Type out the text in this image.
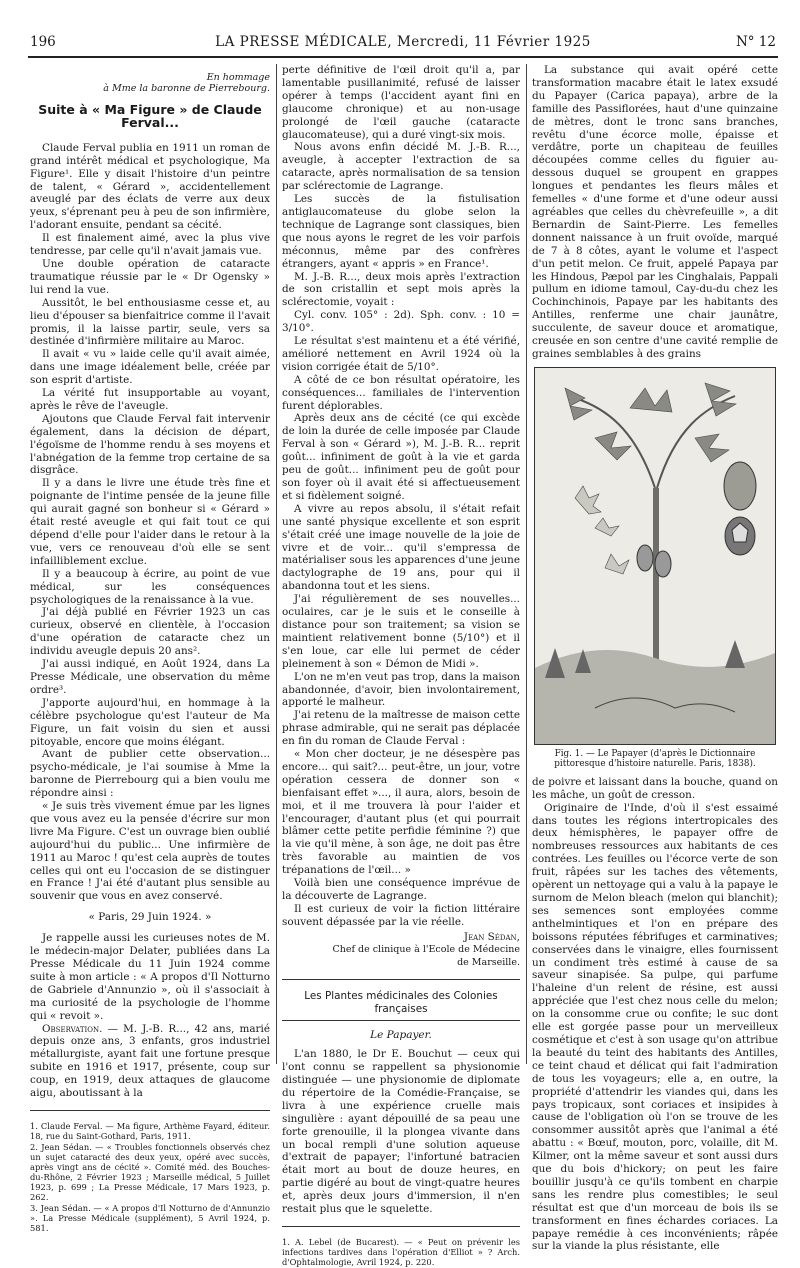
196	LA PRESSE MÉDICALE, Mercredi, 11 Février 1925	N° 12
En hommage
à Mme la baronne de Pierrebourg.
Suite à « Ma Figure » de Claude Ferval...

Claude Ferval publia en 1911 un roman de grand intérêt médical et psychologique, Ma Figure¹. Elle y disait l'histoire d'un peintre de talent, « Gérard », accidentellement aveuglé par des éclats de verre aux deux yeux, s'éprenant peu à peu de son infirmière, l'adorant ensuite, pendant sa cécité.

Il est finalement aimé, avec la plus vive tendresse, par celle qu'il n'avait jamais vue.

Une double opération de cataracte traumatique réussie par le « Dr Ogensky » lui rend la vue.

Aussitôt, le bel enthousiasme cesse et, au lieu d'épouser sa bienfaitrice comme il l'avait promis, il la laisse partir, seule, vers sa destinée d'infirmière militaire au Maroc.

Il avait « vu » laide celle qu'il avait aimée, dans une image idéalement belle, créée par son esprit d'artiste.

La vérité fut insupportable au voyant, après le rêve de l'aveugle.

Ajoutons que Claude Ferval fait intervenir également, dans la décision de départ, l'égoïsme de l'homme rendu à ses moyens et l'abnégation de la femme trop certaine de sa disgrâce.

Il y a dans le livre une étude très fine et poignante de l'intime pensée de la jeune fille qui aurait gagné son bonheur si « Gérard » était resté aveugle et qui fait tout ce qui dépend d'elle pour l'aider dans le retour à la vue, vers ce renouveau d'où elle se sent infailliblement exclue.

Il y a beaucoup à écrire, au point de vue médical, sur les conséquences psychologiques de la renaissance à la vue.

J'ai déjà publié en Février 1923 un cas curieux, observé en clientèle, à l'occasion d'une opération de cataracte chez un individu aveugle depuis 20 ans².

J'ai aussi indiqué, en Août 1924, dans La Presse Médicale, une observation du même ordre³.

J'apporte aujourd'hui, en hommage à la célèbre psychologue qu'est l'auteur de Ma Figure, un fait voisin du sien et aussi pitoyable, encore que moins élégant.

Avant de publier cette observation... psycho-médicale, je l'ai soumise à Mme la baronne de Pierrebourg qui a bien voulu me répondre ainsi :

« Je suis très vivement émue par les lignes que vous avez eu la pensée d'écrire sur mon livre Ma Figure. C'est un ouvrage bien oublié aujourd'hui du public... Une infirmière de 1911 au Maroc ! qu'est cela auprès de toutes celles qui ont eu l'occasion de se distinguer en France ! J'ai été d'autant plus sensible au souvenir que vous en avez conservé.

« Paris, 29 Juin 1924. »

Je rappelle aussi les curieuses notes de M. le médecin-major Delater, publiées dans La Presse Médicale du 11 Juin 1924 comme suite à mon article : « A propos d'Il Notturno de Gabriele d'Annunzio », où il s'associait à ma curiosité de la psychologie de l'homme qui « revoit ».

Observation. — M. J.-B. R..., 42 ans, marié depuis onze ans, 3 enfants, gros industriel métallurgiste, ayant fait une fortune presque subite en 1916 et 1917, présente, coup sur coup, en 1919, deux attaques de glaucome aigu, aboutissant à la

1. Claude Ferval. — Ma figure, Arthème Fayard, éditeur. 18, rue du Saint-Gothard, Paris, 1911.

2. Jean Sédan. — « Troubles fonctionnels observés chez un sujet cataracté des deux yeux, opéré avec succès, après vingt ans de cécité ». Comité méd. des Bouches-du-Rhône, 2 Février 1923 ; Marseille médical, 5 Juillet 1923, p. 699 ; La Presse Médicale, 17 Mars 1923, p. 262.

3. Jean Sédan. — « A propos d'Il Notturno de d'Annunzio ». La Presse Médicale (supplément), 5 Avril 1924, p. 581.

perte définitive de l'œil droit qu'il a, par lamentable pusillanimité, refusé de laisser opérer à temps (l'accident ayant fini en glaucome chronique) et au non-usage prolongé de l'œil gauche (cataracte glaucomateuse), qui a duré vingt-six mois.

Nous avons enfin décidé M. J.-B. R..., aveugle, à accepter l'extraction de sa cataracte, après normalisation de sa tension par sclérectomie de Lagrange.

Les succès de la fistulisation antiglaucomateuse du globe selon la technique de Lagrange sont classiques, bien que nous ayons le regret de les voir parfois méconnus, même par des confrères étrangers, ayant « appris » en France¹.

M. J.-B. R..., deux mois après l'extraction de son cristallin et sept mois après la sclérectomie, voyait :

Cyl. conv. 105° : 2d). Sph. conv. : 10 = 3/10°.

Le résultat s'est maintenu et a été vérifié, amélioré nettement en Avril 1924 où la vision corrigée était de 5/10°.

A côté de ce bon résultat opératoire, les conséquences... familiales de l'intervention furent déplorables.

Après deux ans de cécité (ce qui excède de loin la durée de celle imposée par Claude Ferval à son « Gérard »), M. J.-B. R... reprit goût... infiniment de goût à la vie et garda peu de goût... infiniment peu de goût pour son foyer où il avait été si affectueusement et si fidèlement soigné.

A vivre au repos absolu, il s'était refait une santé physique excellente et son esprit s'était créé une image nouvelle de la joie de vivre et de voir... qu'il s'empressa de matérialiser sous les apparences d'une jeune dactylographe de 19 ans, pour qui il abandonna tout et les siens.

J'ai régulièrement de ses nouvelles... oculaires, car je le suis et le conseille à distance pour son traitement; sa vision se maintient relativement bonne (5/10°) et il s'en loue, car elle lui permet de céder pleinement à son « Démon de Midi ».

L'on ne m'en veut pas trop, dans la maison abandonnée, d'avoir, bien involontairement, apporté le malheur.

J'ai retenu de la maîtresse de maison cette phrase admirable, qui ne serait pas déplacée en fin du roman de Claude Ferval :

« Mon cher docteur, je ne désespère pas encore... qui sait?... peut-être, un jour, votre opération cessera de donner son « bienfaisant effet »..., il aura, alors, besoin de moi, et il me trouvera là pour l'aider et l'encourager, d'autant plus (et qui pourrait blâmer cette petite perfidie féminine ?) que la vie qu'il mène, à son âge, ne doit pas être très favorable au maintien de vos trépanations de l'œil... »

Voilà bien une conséquence imprévue de la découverte de Lagrange.

Il est curieux de voir la fiction littéraire souvent dépassée par la vie réelle.

Jean Sédan,
Chef de clinique à l'Ecole de Médecine
de Marseille.
Les Plantes médicinales des Colonies françaises
Le Papayer.

L'an 1880, le Dr E. Bouchut — ceux qui l'ont connu se rappellent sa physionomie distinguée — une physionomie de diplomate du répertoire de la Comédie-Française, se livra à une expérience cruelle mais singulière : ayant dépouillé de sa peau une forte grenouille, il la plongea vivante dans un bocal rempli d'une solution aqueuse d'extrait de papayer; l'infortuné batracien était mort au bout de douze heures, en partie digéré au bout de vingt-quatre heures et, après deux jours d'immersion, il n'en restait plus que le squelette.

1. A. Lebel (de Bucarest). — « Peut on prévenir les infections tardives dans l'opération d'Elliot » ? Arch. d'Ophtalmologie, Avril 1924, p. 220.

La substance qui avait opéré cette transformation macabre était le latex exsudé du Papayer (Carica papaya), arbre de la famille des Passiflorées, haut d'une quinzaine de mètres, dont le tronc sans branches, revêtu d'une écorce molle, épaisse et verdâtre, porte un chapiteau de feuilles découpées comme celles du figuier au-dessous duquel se groupent en grappes longues et pendantes les fleurs mâles et femelles « d'une forme et d'une odeur aussi agréables que celles du chèvrefeuille », a dit Bernardin de Saint-Pierre. Les femelles donnent naissance à un fruit ovoïde, marqué de 7 à 8 côtes, ayant le volume et l'aspect d'un petit melon. Ce fruit, appelé Papaya par les Hindous, Pæpol par les Cinghalais, Pappali pullum en idiome tamoul, Cay-du-du chez les Cochinchinois, Papaye par les habitants des Antilles, renferme une chair jaunâtre, succulente, de saveur douce et aromatique, creusée en son centre d'une cavité remplie de graines semblables à des grains

Fig. 1. — Le Papayer (d'après le Dictionnaire pittoresque d'histoire naturelle. Paris, 1838).

de poivre et laissant dans la bouche, quand on les mâche, un goût de cresson.

Originaire de l'Inde, d'où il s'est essaimé dans toutes les régions intertropicales des deux hémisphères, le papayer offre de nombreuses ressources aux habitants de ces contrées. Les feuilles ou l'écorce verte de son fruit, râpées sur les taches des vêtements, opèrent un nettoyage qui a valu à la papaye le surnom de Melon bleach (melon qui blanchit); ses semences sont employées comme anthelmintiques et l'on en prépare des boissons réputées fébrifuges et carminatives; conservées dans le vinaigre, elles fournissent un condiment très estimé à cause de sa saveur sinapisée. Sa pulpe, qui parfume l'haleine d'un relent de résine, est aussi appréciée que l'est chez nous celle du melon; on la consomme crue ou confite; le suc dont elle est gorgée passe pour un merveilleux cosmétique et c'est à son usage qu'on attribue la beauté du teint des habitants des Antilles, ce teint chaud et délicat qui fait l'admiration de tous les voyageurs; elle a, en outre, la propriété d'attendrir les viandes qui, dans les pays tropicaux, sont coriaces et insipides à cause de l'obligation où l'on se trouve de les consommer aussitôt après que l'animal a été abattu : « Bœuf, mouton, porc, volaille, dit M. Kilmer, ont la même saveur et sont aussi durs que du bois d'hickory; on peut les faire bouillir jusqu'à ce qu'ils tombent en charpie sans les rendre plus comestibles; le seul résultat est que d'un morceau de bois ils se transforment en fines échardes coriaces. La papaye remédie à ces inconvénients; râpée sur la viande la plus résistante, elle
